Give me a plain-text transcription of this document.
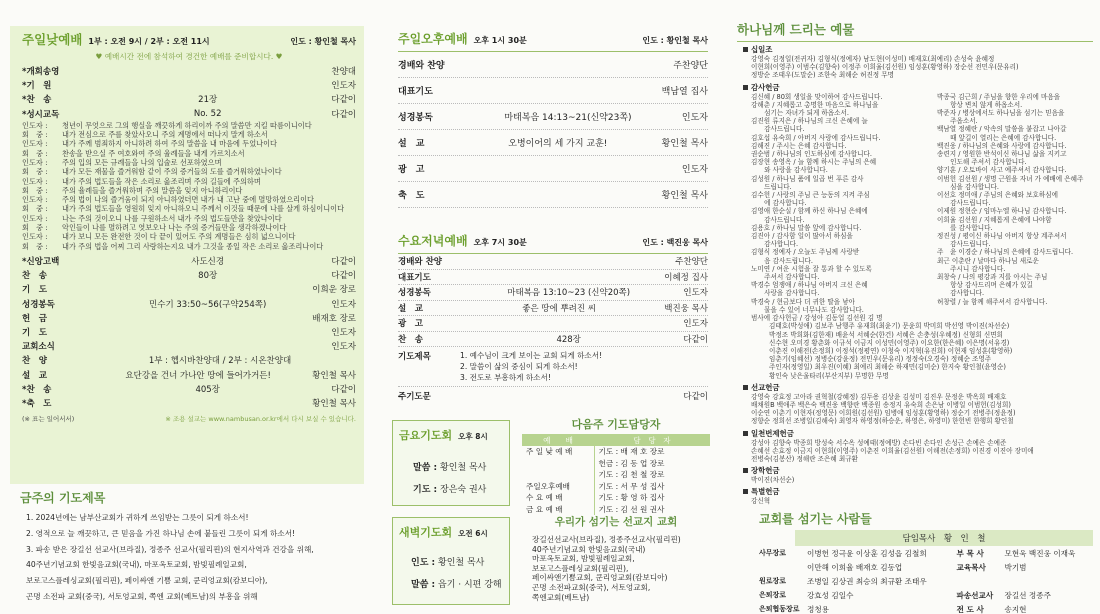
주일낮예배 1부 : 오전 9시 / 2부 : 오전 11시	인도 : 황인철 목사
♥ 예배시간 전에 참석하여 경건한 예배를 준비합시다. ♥
*개회송영	찬양대
*기　원	인도자
*찬　송	21장	다같이
*성시교독	No. 52	다같이
인도자 :	청년이 무엇으로 그의 행실을 깨끗하게 하리이까 주의 말씀만 지킬 따름이니이다
회　중 :	내가 전심으로 주를 찾았사오니 주의 계명에서 떠나지 말게 하소서
인도자 :	내가 주께 범죄하지 아니하려 하여 주의 말씀을 내 마음에 두었나이다
회　중 :	찬송을 받으실 주 여호와여 주의 율례들을 내게 가르치소서
인도자 :	주의 입의 모든 규례들을 나의 입술로 선포하였으며
회　중 :	내가 모든 재물을 즐거워함 같이 주의 증거들의 도를 즐거워하였나이다
인도자 :	내가 주의 법도들을 작은 소리로 읊조리며 주의 길들에 주의하며
회　중 :	주의 율례들을 즐거워하며 주의 말씀을 잊지 아니하리이다
인도자 :	주의 법이 나의 즐거움이 되지 아니하였더면 내가 내 고난 중에 멸망하였으리이다
회　중 :	내가 주의 법도들을 영원히 잊지 아니하오니 주께서 이것들 때문에 나를 살게 하심이니이다
인도자 :	나는 주의 것이오니 나를 구원하소서 내가 주의 법도들만을 찾았나이다
회　중 :	악인들이 나를 멸하려고 엿보오나 나는 주의 증거들만을 생각하겠나이다
인도자 :	내가 보니 모든 완전한 것이 다 끝이 있어도 주의 계명들은 심히 넓으니이다
회　중 :	내가 주의 법을 어찌 그리 사랑하는지요 내가 그것을 종일 작은 소리로 읊조리나이다
*신앙고백	사도신경	다같이
찬　송	80장	다같이
기　도	이희운 장로
성경봉독	민수기 33:50~56(구약254쪽)	인도자
헌　금	배재호 장로
기　도	인도자
교회소식	인도자
찬　양	1부 : 헵시바찬양대 / 2부 : 시온찬양대
설　교	요단강을 건너 가나안 땅에 들어가거든!	황인철 목사
*찬　송	405장	다같이
*축　도	황인철 목사
(※ 표는 일어서서)	※ 조용 설교는 www.nambusan.or.kr에서 다시 보실 수 있습니다.
금주의 기도제목
1. 2024년에는 남부산교회가 귀하게 쓰임받는 그릇이 되게 하소서!
2. 영적으로 늘 깨끗하고, 큰 믿음을 가진 하나님 손에 붙들린 그릇이 되게 하소서!
3. 파송 받은 장길선 선교사(브라질), 정종주 선교사(필리핀)의 현지사역과 건강을 위해,
40주년기념교회 한빛음교회(국내), 마포옥토교회, 밤빛필례일교회,
보로고스플레싱교회(필리핀), 페이싸앤 기쁨 교회, 쿤리엉교회(캄보디아),
곤명 소전파 교회(중국), 서토엉교회, 쪽엔 교회(베트남)의 부흥을 위해
주일오후예배 오후 1시 30분	인도 : 황인철 목사
경배와 찬양	주찬양단
대표기도	백남열 집사
성경봉독	마태복음 14:13~21(신약23쪽)	인도자
설　교	오병이어의 세 가지 교훈!	황인철 목사
광　고	인도자
축　도	황인철 목사
수요저녁예배 오후 7시 30분	인도 : 백진웅 목사
경배와 찬양	주찬양단
대표기도	이혜정 집사
성경봉독	마태복음 13:10~23 (신약20쪽)	인도자
설　교	좋은 땅에 뿌려진 씨	백진웅 목사
광　고	인도자
찬　송	428장	다같이
기도제목	1. 예수님이 크게 보이는 교회 되게 하소서!
2. 말씀이 삶의 중심이 되게 하소서!
3. 전도로 부흥하게 하소서!
주기도문	다같이
금요기도회 오후 8시
말씀 : 황인철 목사
기도 : 장은숙 권사
새벽기도회 오전 6시
인도 : 황인철 목사
말씀 : 읍기 · 시편 강해
다음주 기도담당자
예　　배	담　당　자
주 일 낮 예 배	기도 : 배 재 호 장로
	헌금 : 김 동 업 장로
	기도 : 김 천 철 장로
주일오후예배	기도 : 서 무 성 집사
수 요 예 배	기도 : 황 영 하 집사
금 요 예 배	기도 : 김 선 원 권사
우리가 섬기는 선교지 교회
장길선선교사(브라질), 정종주선교사(필리핀)
40주년기념교회 한빛음교회(국내)
마포옥토교회, 밤빛필례일교회,
보로고스플레싱교회(필리핀),
페이싸앤기쁨교회, 쿤리엉교회(캄보디아)
곤명 소전파교회(중국), 서토엉교회,
쪽엔교회(베트남)
하나님께 드리는 예물
십일조
강영숙 김정일(전귀자) 김형식(정예자) 남도현(이성미) 배재호(최예리) 손성숙 윤혜정
이현희(이영주) 이범수(김향숙) 이정주 이희율(김선원) 임성훈(황영하) 장순선 전민우(문유리)
정방순 조태우(도말순) 조한숙 최해순 허진정 무명
감사헌금
김신혜 / 80회 생일을 맞이하여 감사드립니다.
강해춘 / 지혜롭고 총명한 마음으로 하나님을
　　섬기는 자녀가 되게 하옵소서.
김진원 류지은 / 하나님의 크신 은혜에 늘
　　감사드립니다.
김호섭 유숙희 / 아버지 사랑에 감사드립니다.
김해진 / 주시는 은혜 감사합니다.
권순범 / 하나님의 인도하심에 감사합니다.
김장현 송영옥 / 늘 함께 하시는 주님의 은혜
　　와 사랑을 감사합니다.
김성원 / 하나님 품에 일곱 번 푸른 감사
　　드립니다.
김수헌 / 사랑의 주님 큰 능동의 지켜 주심
　　에 감사합니다.
김영애 한순실 / 함께 하신 하나님 은혜에
　　감사드립니다.
김용호 / 하나님 말씀 앞에 감사합니다.
김진아 / 감사함 일이 많아서 하심을
　　감사합니다.
김형식 정예자 / 오늘도 주님께 사랑받
　　음 감사드립니다.
노미연 / 여운 시험을 잘 통과 할 수 있도록
　　주셔서 감사합니다.
박경수 엄쟁애 / 하나님 아버지 크신 은혜
　　사랑을 감사합니다.
박경숙 / 현금보다 더 귀한 딸을 낳아
　　물을 수 있어 너무나도 감사합니다.
범사에 감사헌금 / 강성아 김동업 김선원 김 명
박종국 김근희 / 주님을 향한 우리에 마음을
　　항상 변치 않게 하옵소서.
박준자 / 병상에서도 하나님을 섬기는 믿음을
　　주옵소서.
백남열 정혜란 / 악속의 말씀을 붙잡고 나아갈
　　때 앞길이 열리는 은혜에 감사합니다.
백진웅 / 하나님의 은혜와 사랑에 감사합니다.
송련지 / 영원한 반석이신 하나님 삶을 지키고
　　인도해 주셔서 감사합니다.
양기훈 / 오토바이 사고 예주셔서 감사합니다.
이범헌 김선원 / 생명 근원을 자녀 가 예배에 은혜주
　　심을 감사합니다.
이선호 정미애 / 주님의 은혜와 보호하심에
　　감사드립니다.
이제원 정현순 / 임마누엘 하나님 감사합니다.
이희율 김선원 / 지혜롭게 은혜에 나야함
　　를 감사합니다.
정진성 / 평이신 하나님 아버지 항상 계주셔서
　　감사드립니다.
주　윤 이경순 / 하나님의 은혜에 감사드립니다.
최근 이춘란 / 날마다 하나님 새로운
　　주시니 감사합니다.
최창숙 / 나의 평강과 지를 아시는 주님
　　항상 감사드리며 은혜가 있길
　　감사합니다.
허창렬 / 늘 함께 해주셔서 감사합니다.
김태호(박성애) 김보주 남행주 유재희(최윤기) 문윤희 박미희 박선영 박이진(차선순)
박정조 박희화(김한재) 배윤석 서혜순(한건) 서혜은 손충성(우혜정) 신형희 신면희
신수현 오미경 황춘화 이규석 이금지 이성민(이영주) 이요한(한은혜) 이은명(서유경)
이춘진 이해전(손정희) 이정석(정평연) 이청숙 이지혁(유진희) 이현재 임성훈(황영하)
임춘기(임혜선) 정병순(강윤정) 전민우(문유리) 정정숙(오경숙) 정혜순 조영주
주인자(정영일) 최우진(이혜) 최예리 최해순 하재민(김미순) 한지숙 황인철(윤영순)
황인숙 낮은울타리(부산지부) 무명한 무명
선교헌금
강영숙 강효정 고아라 권혁철(강혜정) 김두용 김상윤 김성미 김진우 문정운 박옥희 배재호
배채원B 백애주 백은숙 백진웅 백향란 백종원 송정지 유숙희 손은남 이병일 이범헌(김성희)
이순연 이춘기 이현자(정영문) 이희원(김선원) 임병애 임성훈(황영하) 정순기 전병주(정윤정)
정향순 정희선 조병일(김해숙) 최영자 하영정(하승운, 하영은, 하영미) 한헌빈 한행희 황인철
일천번제헌금
강성아 김향숙 박종희 방성숙 서수옥 성예태(정예방) 손다빈 손다인 손성근 손예은 손예준
손혜선 손효정 이금지 이현희(이영주) 이춘진 이희율(김선원) 이해전(손정희) 이진경 이진아 장미애
전병숙(김봉산) 정해란 조은혜 최규환
장학헌금
박이진(차선순)
특별헌금
강신혁
교회를 섬기는 사람들
담임목사　황　인　철
사무장로	이병헌 정극윤 이상훈 김성읍 김철희	부 목 사	모현욱 백진웅 이재욱
	이만해 이희율 배재호 김동업	교육목사	박기범
원로장로	조병일 김상권 최승의 최규환 조태우		
은퇴장로	강효성 김일수	파송선교사	장길선 정종주
은퇴협동장로	정청용	전 도 사	송지현
